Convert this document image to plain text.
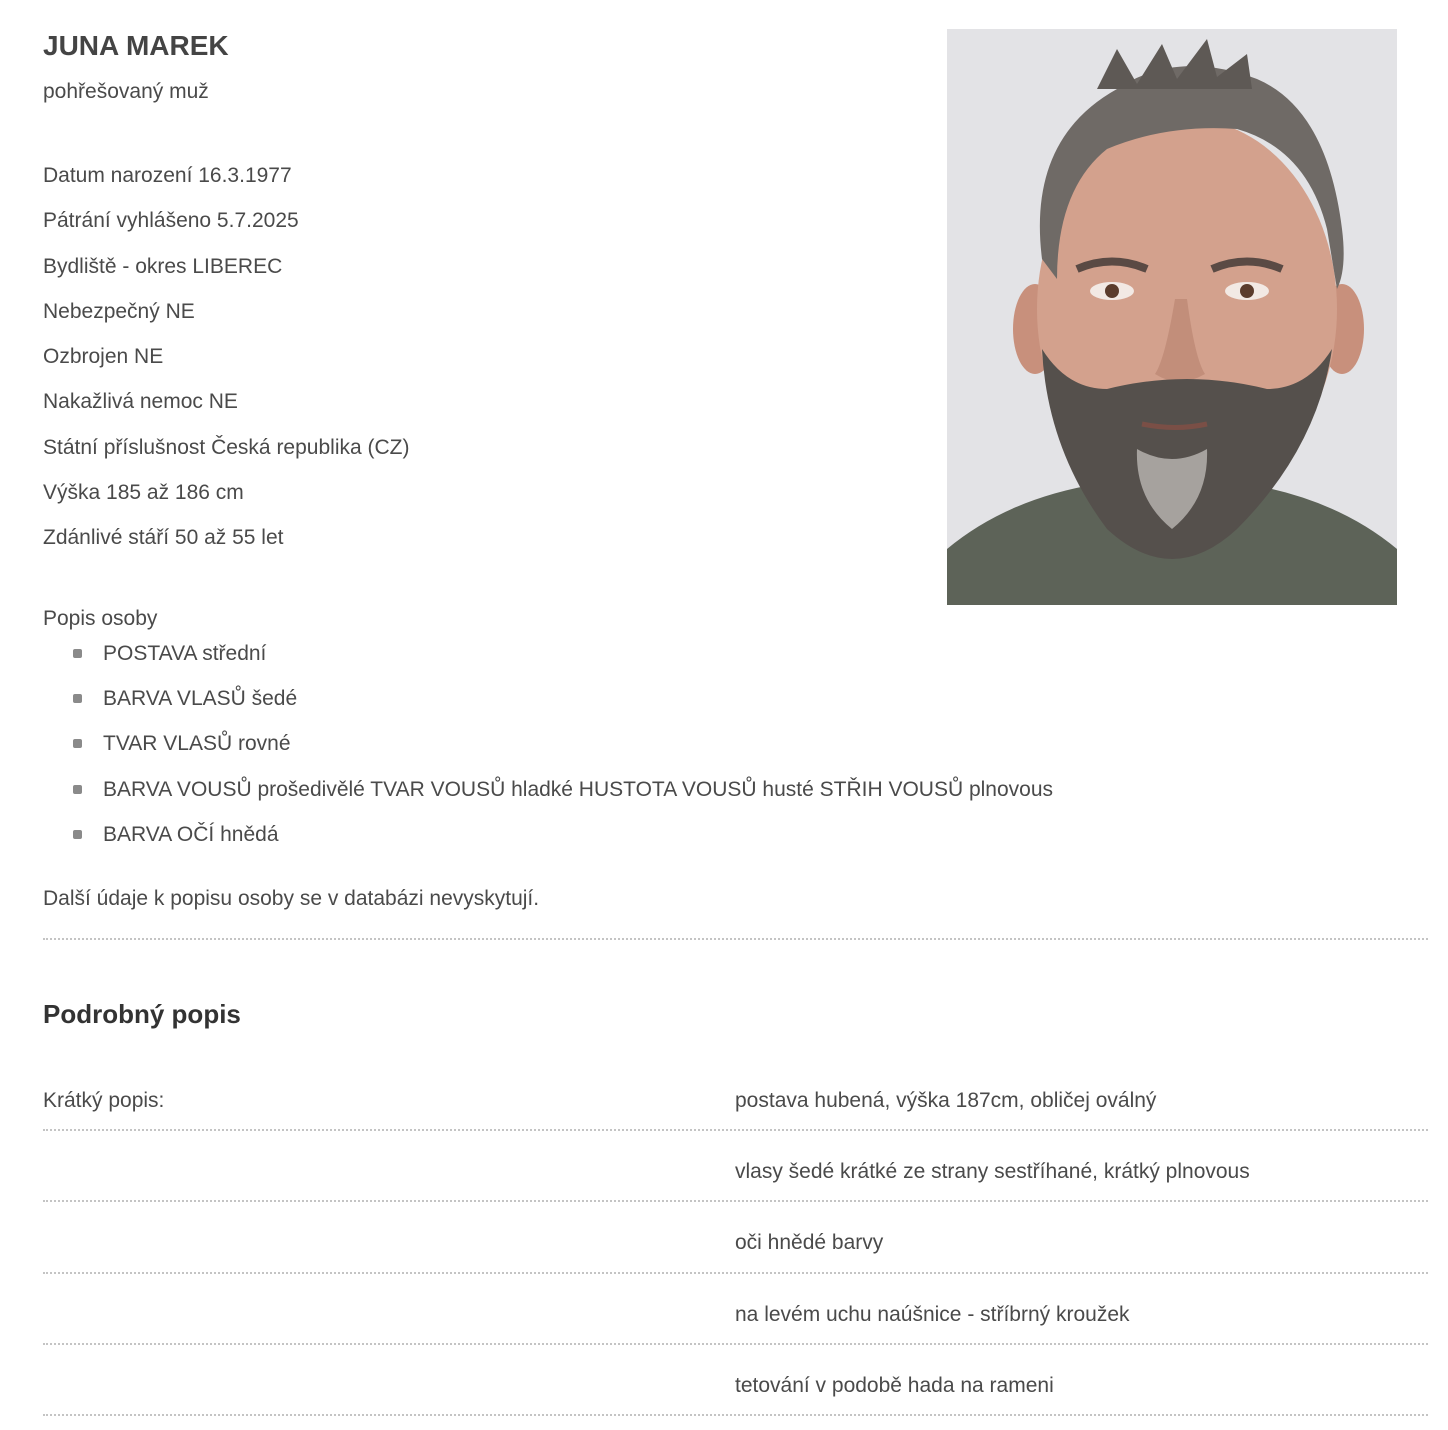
JUNA MAREK
pohřešovaný muž
Datum narození 16.3.1977
Pátrání vyhlášeno 5.7.2025
Bydliště - okres LIBEREC
Nebezpečný NE
Ozbrojen NE
Nakažlivá nemoc NE
Státní příslušnost Česká republika (CZ)
Výška 185 až 186 cm
Zdánlivé stáří 50 až 55 let
Popis osoby
POSTAVA střední
BARVA VLASŮ šedé
TVAR VLASŮ rovné
BARVA VOUSŮ prošedivělé TVAR VOUSŮ hladké HUSTOTA VOUSŮ husté STŘIH VOUSŮ plnovous
BARVA OČÍ hnědá
Další údaje k popisu osoby se v databázi nevyskytují.
Podrobný popis
postava hubená, výška 187cm, obličej oválný
vlasy šedé krátké ze strany sestříhané, krátký plnovous
oči hnědé barvy
na levém uchu naúšnice - stříbrný kroužek
tetování v podobě hada na rameni
Krátký popis:
